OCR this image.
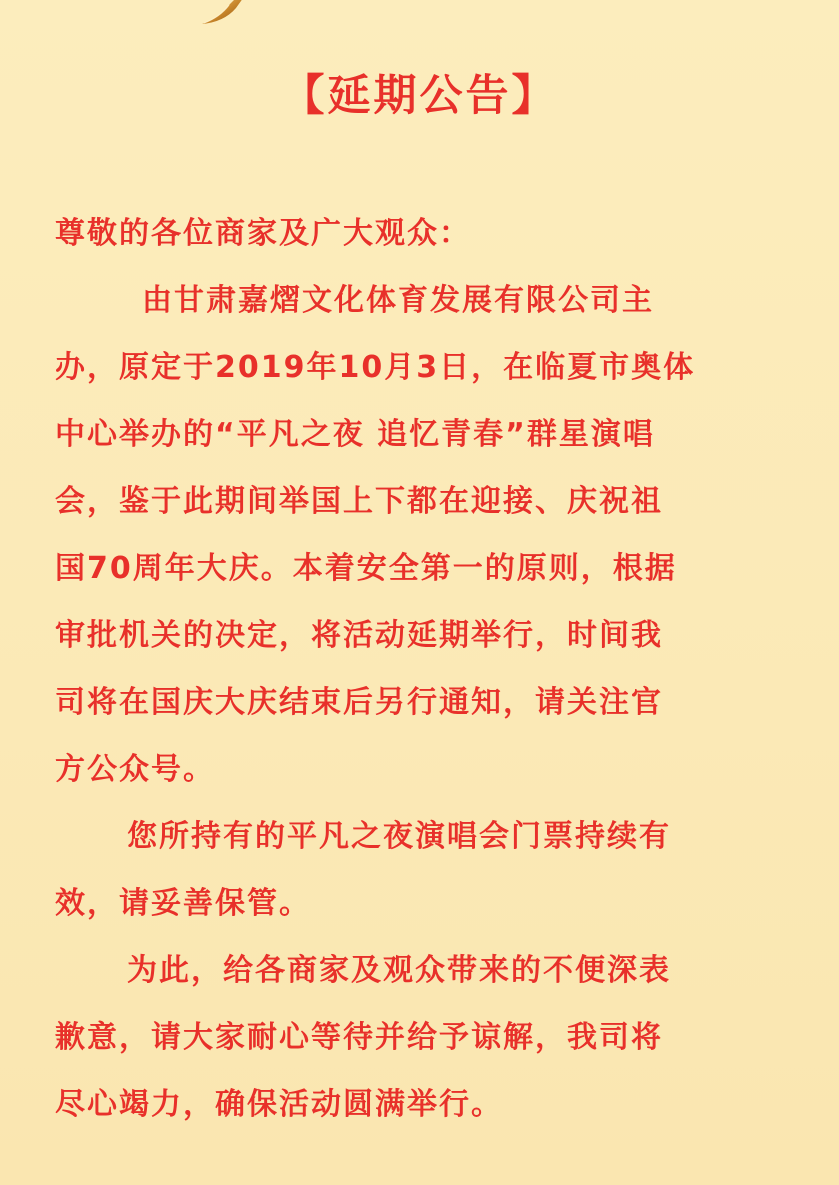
【延期公告】
尊敬的各位商家及广大观众：
由甘肃嘉熠文化体育发展有限公司主
办，原定于2019年10月3日，在临夏市奥体
中心举办的“平凡之夜 追忆青春”群星演唱
会，鉴于此期间举国上下都在迎接、庆祝祖
国70周年大庆。本着安全第一的原则，根据
审批机关的决定，将活动延期举行，时间我
司将在国庆大庆结束后另行通知，请关注官
方公众号。
您所持有的平凡之夜演唱会门票持续有
效，请妥善保管。
为此，给各商家及观众带来的不便深表
歉意，请大家耐心等待并给予谅解，我司将
尽心竭力，确保活动圆满举行。
